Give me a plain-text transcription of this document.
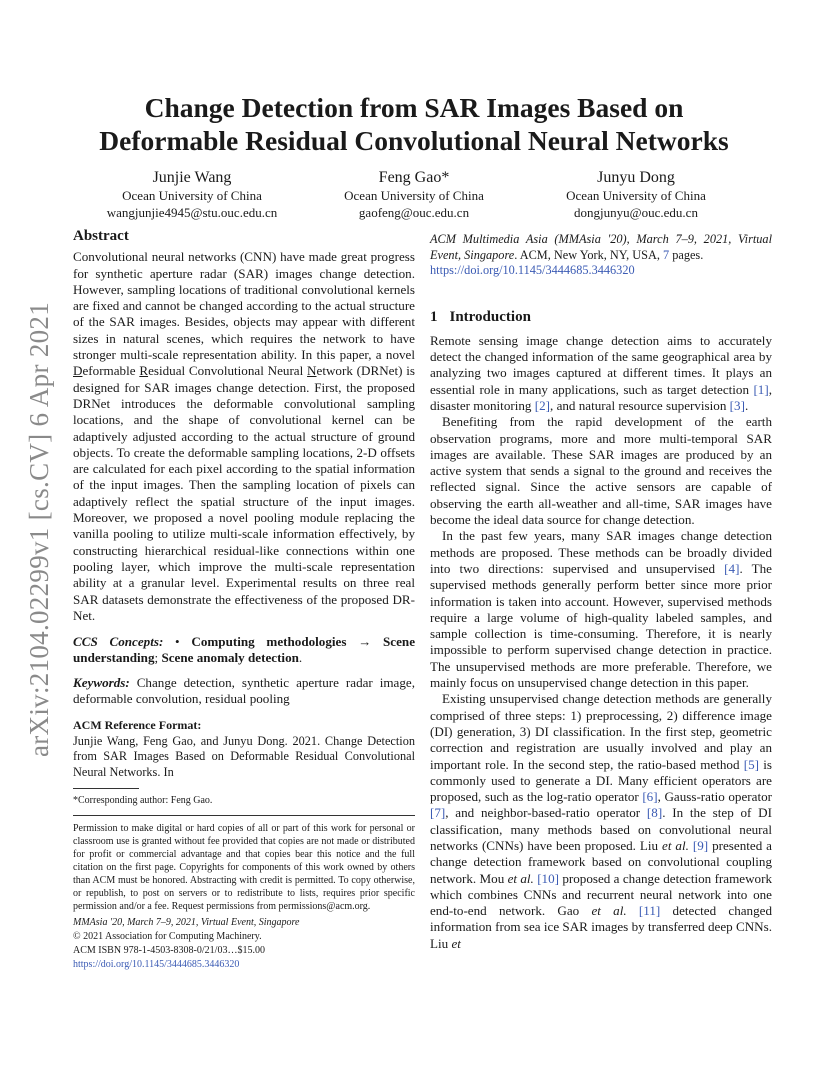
arXiv:2104.02299v1 [cs.CV] 6 Apr 2021
Change Detection from SAR Images Based on
Deformable Residual Convolutional Neural Networks
Junjie Wang
Ocean University of China
wangjunjie4945@stu.ouc.edu.cn
Feng Gao*
Ocean University of China
gaofeng@ouc.edu.cn
Junyu Dong
Ocean University of China
dongjunyu@ouc.edu.cn
Abstract

Convolutional neural networks (CNN) have made great progress for synthetic aperture radar (SAR) images change detection. However, sampling locations of traditional convolutional kernels are fixed and cannot be changed according to the actual structure of the SAR images. Besides, objects may appear with different sizes in natural scenes, which requires the network to have stronger multi-scale representation ability. In this paper, a novel Deformable Residual Convolutional Neural Network (DRNet) is designed for SAR images change detection. First, the proposed DRNet introduces the deformable convolutional sampling locations, and the shape of convolutional kernel can be adaptively adjusted according to the actual structure of ground objects. To create the deformable sampling locations, 2-D offsets are calculated for each pixel according to the spatial information of the input images. Then the sampling location of pixels can adaptively reflect the spatial structure of the input images. Moreover, we proposed a novel pooling module replacing the vanilla pooling to utilize multi-scale information effectively, by constructing hierarchical residual-like connections within one pooling layer, which improve the multi-scale representation ability at a granular level. Experimental results on three real SAR datasets demonstrate the effectiveness of the proposed DR-Net.

CCS Concepts: • Computing methodologies → Scene understanding; Scene anomaly detection.

Keywords: Change detection, synthetic aperture radar image, deformable convolution, residual pooling

ACM Reference Format:
Junjie Wang, Feng Gao, and Junyu Dong. 2021. Change Detection from SAR Images Based on Deformable Residual Convolutional Neural Networks. In
*Corresponding author: Feng Gao.
Permission to make digital or hard copies of all or part of this work for personal or classroom use is granted without fee provided that copies are not made or distributed for profit or commercial advantage and that copies bear this notice and the full citation on the first page. Copyrights for components of this work owned by others than ACM must be honored. Abstracting with credit is permitted. To copy otherwise, or republish, to post on servers or to redistribute to lists, requires prior specific permission and/or a fee. Request permissions from permissions@acm.org.
MMAsia '20, March 7–9, 2021, Virtual Event, Singapore
© 2021 Association for Computing Machinery.
ACM ISBN 978-1-4503-8308-0/21/03…$15.00
https://doi.org/10.1145/3444685.3446320
ACM Multimedia Asia (MMAsia '20), March 7–9, 2021, Virtual Event, Singapore. ACM, New York, NY, USA, 7 pages.
https://doi.org/10.1145/3444685.3446320
1 Introduction

Remote sensing image change detection aims to accurately detect the changed information of the same geographical area by analyzing two images captured at different times. It plays an essential role in many applications, such as target detection [1], disaster monitoring [2], and natural resource supervision [3].

Benefiting from the rapid development of the earth observation programs, more and more multi-temporal SAR images are available. These SAR images are produced by an active system that sends a signal to the ground and receives the reflected signal. Since the active sensors are capable of observing the earth all-weather and all-time, SAR images have become the ideal data source for change detection.

In the past few years, many SAR images change detection methods are proposed. These methods can be broadly divided into two directions: supervised and unsupervised [4]. The supervised methods generally perform better since more prior information is taken into account. However, supervised methods require a large volume of high-quality labeled samples, and sample collection is time-consuming. Therefore, it is nearly impossible to perform supervised change detection in practice. The unsupervised methods are more preferable. Therefore, we mainly focus on unsupervised change detection in this paper.

Existing unsupervised change detection methods are generally comprised of three steps: 1) preprocessing, 2) difference image (DI) generation, 3) DI classification. In the first step, geometric correction and registration are usually involved and play an important role. In the second step, the ratio-based method [5] is commonly used to generate a DI. Many efficient operators are proposed, such as the log-ratio operator [6], Gauss-ratio operator [7], and neighbor-based-ratio operator [8]. In the step of DI classification, many methods based on convolutional neural networks (CNNs) have been proposed. Liu et al. [9] presented a change detection framework based on convolutional coupling network. Mou et al. [10] proposed a change detection framework which combines CNNs and recurrent neural network into one end-to-end network. Gao et al. [11] detected changed information from sea ice SAR images by transferred deep CNNs. Liu et
